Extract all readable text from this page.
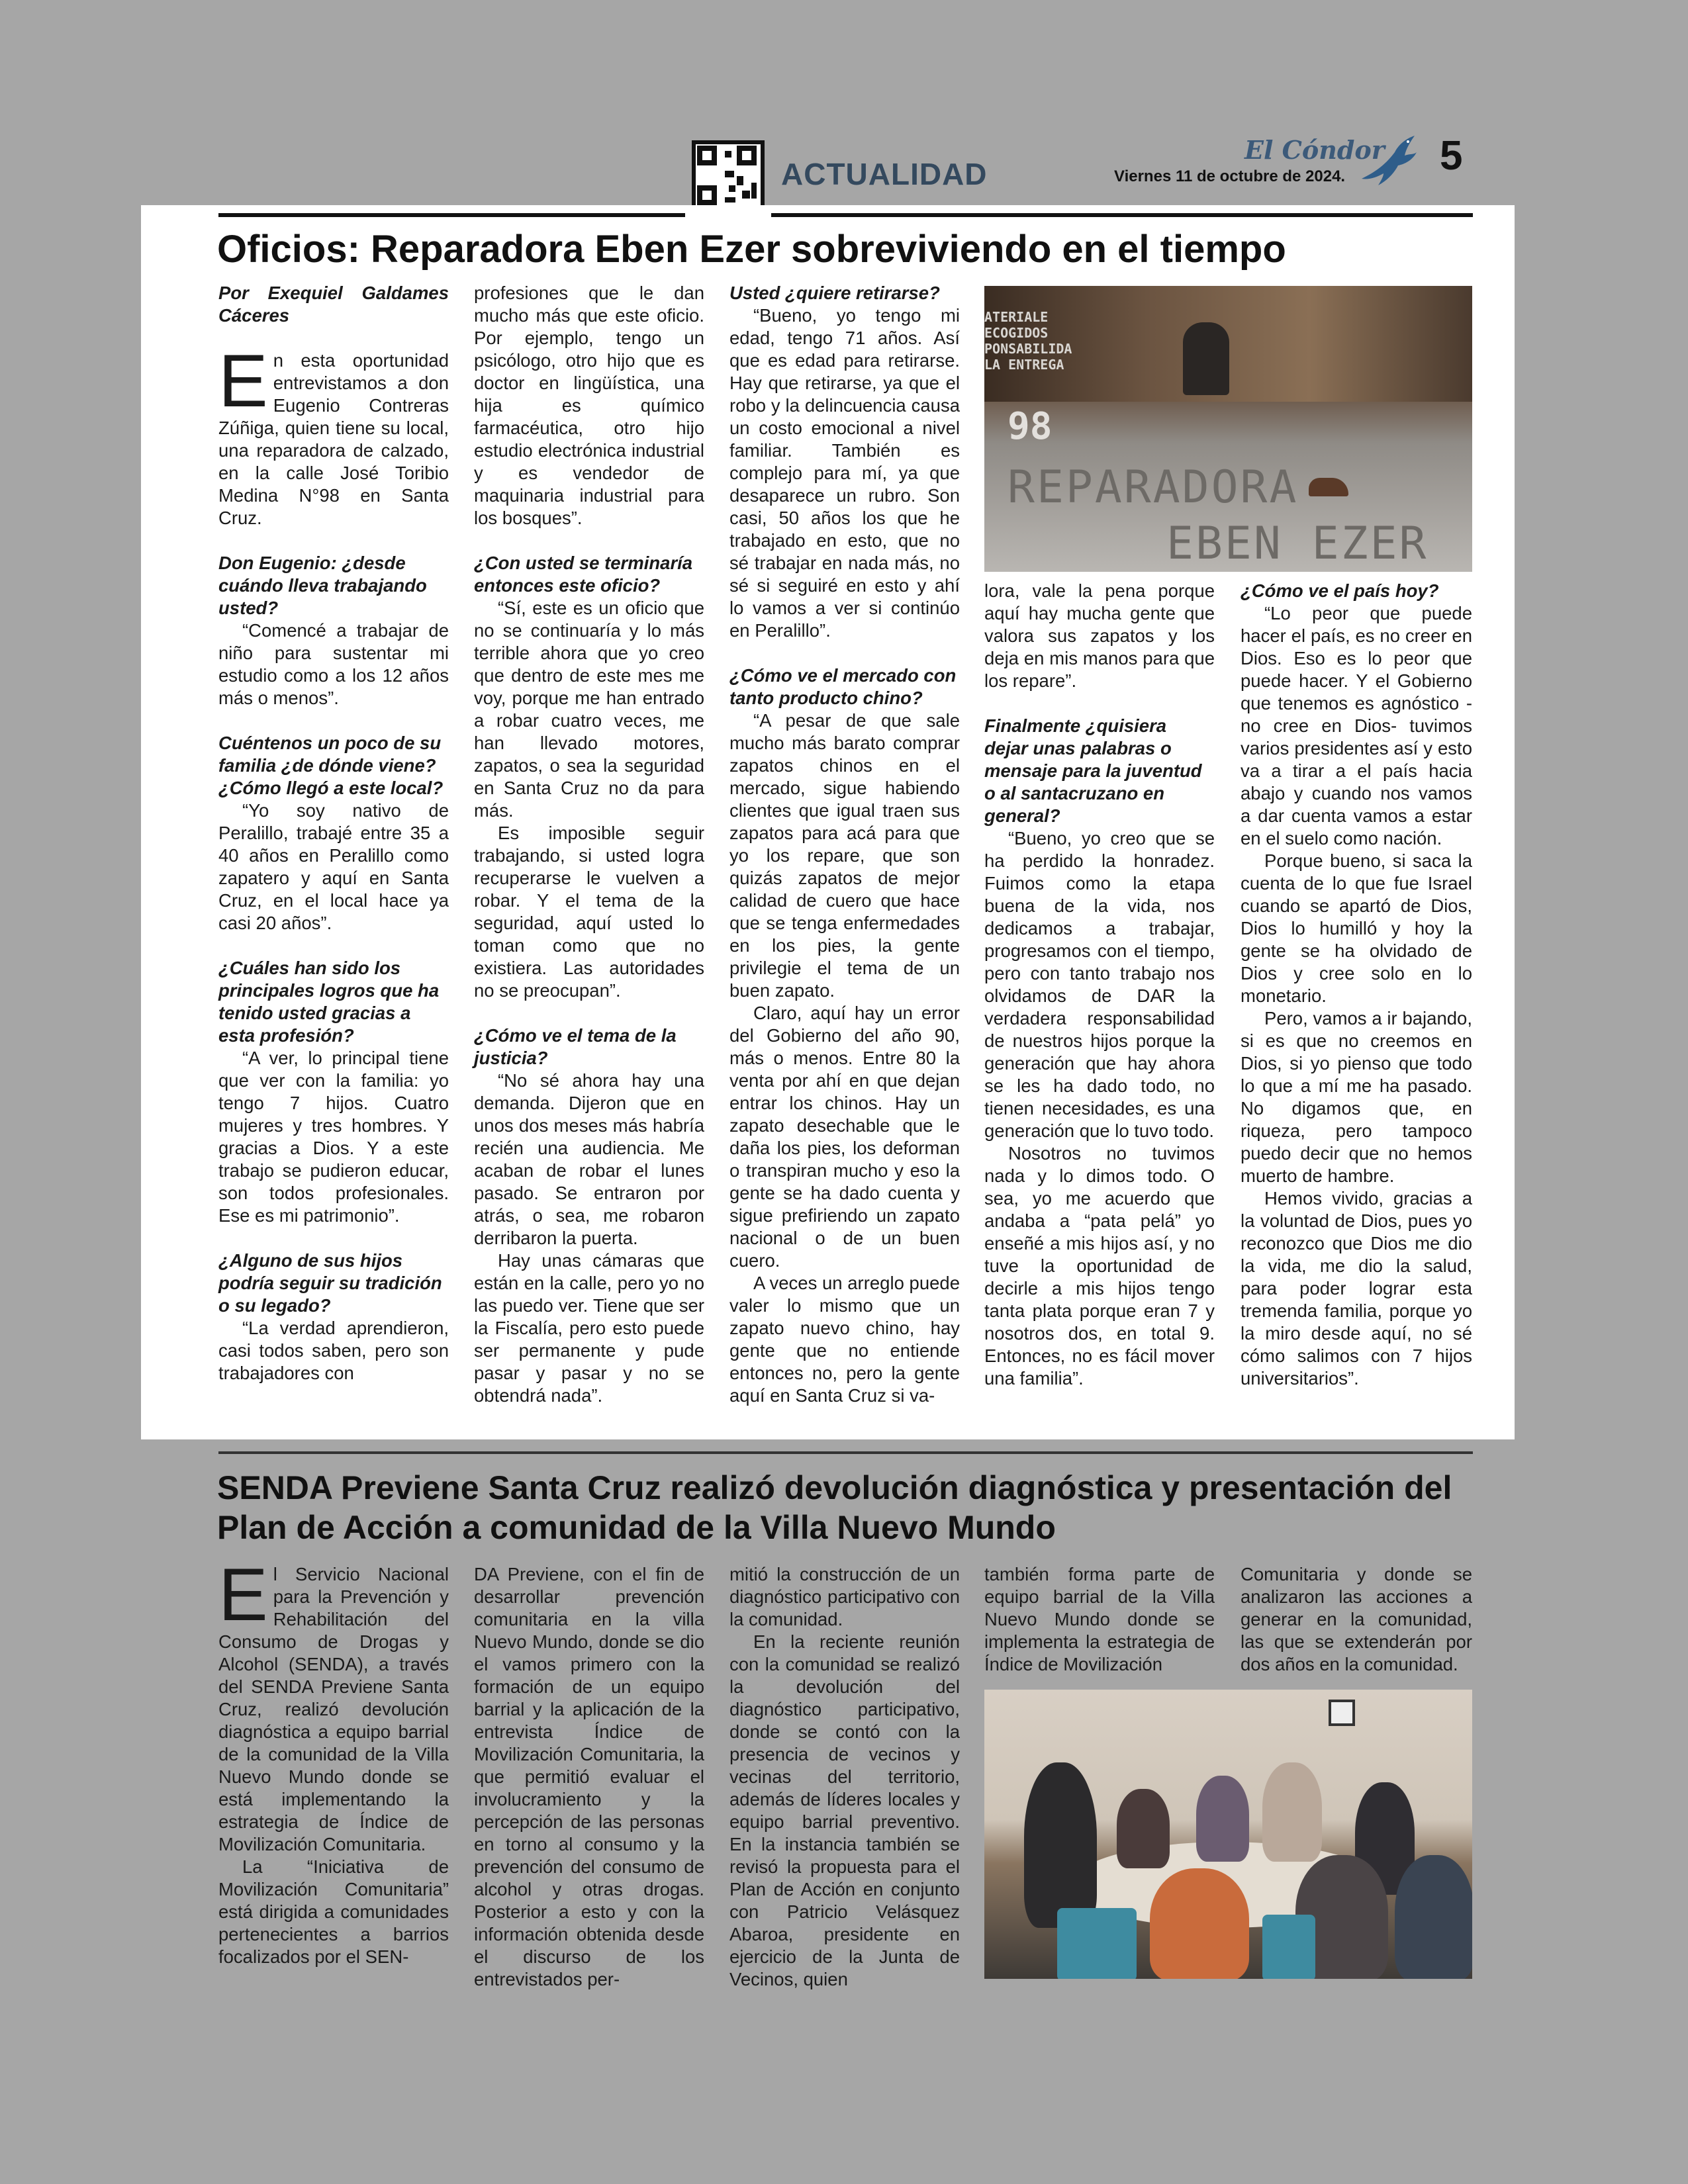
ACTUALIDAD
El Cóndor
Viernes 11 de octubre de 2024. 5
Oficios: Reparadora Eben Ezer sobreviviendo en el tiempo

Por Exequiel Galdames Cáceres

En esta oportunidad entrevistamos a don Eugenio Contreras Zúñiga, quien tiene su local, una reparadora de calzado, en la calle José Toribio Medina N°98 en Santa Cruz.

Don Eugenio: ¿desde cuándo lleva trabajando usted?

“Comencé a trabajar de niño para sustentar mi estudio como a los 12 años más o menos”.

Cuéntenos un poco de su familia ¿de dónde viene? ¿Cómo llegó a este local?

“Yo soy nativo de Peralillo, trabajé entre 35 a 40 años en Peralillo como zapatero y aquí en Santa Cruz, en el local hace ya casi 20 años”.

¿Cuáles han sido los principales logros que ha tenido usted gracias a esta profesión?

“A ver, lo principal tiene que ver con la familia: yo tengo 7 hijos. Cuatro mujeres y tres hombres. Y gracias a Dios. Y a este trabajo se pudieron educar, son todos profesionales. Ese es mi patrimonio”.

¿Alguno de sus hijos podría seguir su tradición o su legado?

“La verdad aprendieron, casi todos saben, pero son trabajadores con

profesiones que le dan mucho más que este oficio. Por ejemplo, tengo un psicólogo, otro hijo que es doctor en lingüística, una hija es químico farmacéutica, otro hijo estudio electrónica industrial y es vendedor de maquinaria industrial para los bosques”.

¿Con usted se terminaría entonces este oficio?

“Sí, este es un oficio que no se continuaría y lo más terrible ahora que yo creo que dentro de este mes me voy, porque me han entrado a robar cuatro veces, me han llevado motores, zapatos, o sea la seguridad en Santa Cruz no da para más.

Es imposible seguir trabajando, si usted logra recuperarse le vuelven a robar. Y el tema de la seguridad, aquí usted lo toman como que no existiera. Las autoridades no se preocupan”.

¿Cómo ve el tema de la justicia?

“No sé ahora hay una demanda. Dijeron que en unos dos meses más habría recién una audiencia. Me acaban de robar el lunes pasado. Se entraron por atrás, o sea, me robaron derribaron la puerta.

Hay unas cámaras que están en la calle, pero yo no las puedo ver. Tiene que ser la Fiscalía, pero esto puede ser permanente y pude pasar y pasar y no se obtendrá nada”.

Usted ¿quiere retirarse?

“Bueno, yo tengo mi edad, tengo 71 años. Así que es edad para retirarse. Hay que retirarse, ya que el robo y la delincuencia causa un costo emocional a nivel familiar. También es complejo para mí, ya que desaparece un rubro. Son casi, 50 años los que he trabajado en esto, que no sé trabajar en nada más, no sé si seguiré en esto y ahí lo vamos a ver si continúo en Peralillo”.

¿Cómo ve el mercado con tanto producto chino?

“A pesar de que sale mucho más barato comprar zapatos chinos en el mercado, sigue habiendo clientes que igual traen sus zapatos para acá para que yo los repare, que son quizás zapatos de mejor calidad de cuero que hace que se tenga enfermedades en los pies, la gente privilegie el tema de un buen zapato.

Claro, aquí hay un error del Gobierno del año 90, más o menos. Entre 80 la venta por ahí en que dejan entrar los chinos. Hay un zapato desechable que le daña los pies, los deforman o transpiran mucho y eso la gente se ha dado cuenta y sigue prefiriendo un zapato nacional o de un buen cuero.

A veces un arreglo puede valer lo mismo que un zapato nuevo chino, hay gente que no entiende entonces no, pero la gente aquí en Santa Cruz si va-

ATERIALE
ECOGIDOS
PONSABILIDA
LA ENTREGA
98
REPARADORA
EBEN EZER

lora, vale la pena porque aquí hay mucha gente que valora sus zapatos y los deja en mis manos para que los repare”.

Finalmente ¿quisiera dejar unas palabras o mensaje para la juventud o al santacruzano en general?

“Bueno, yo creo que se ha perdido la honradez. Fuimos como la etapa buena de la vida, nos dedicamos a trabajar, progresamos con el tiempo, pero con tanto trabajo nos olvidamos de DAR la verdadera responsabilidad de nuestros hijos porque la generación que hay ahora se les ha dado todo, no tienen necesidades, es una generación que lo tuvo todo.

Nosotros no tuvimos nada y lo dimos todo. O sea, yo me acuerdo que andaba a “pata pelá” yo enseñé a mis hijos así, y no tuve la oportunidad de decirle a mis hijos tengo tanta plata porque eran 7 y nosotros dos, en total 9. Entonces, no es fácil mover una familia”.

¿Cómo ve el país hoy?

“Lo peor que puede hacer el país, es no creer en Dios. Eso es lo peor que puede hacer. Y el Gobierno que tenemos es agnóstico -no cree en Dios- tuvimos varios presidentes así y esto va a tirar a el país hacia abajo y cuando nos vamos a dar cuenta vamos a estar en el suelo como nación.

Porque bueno, si saca la cuenta de lo que fue Israel cuando se apartó de Dios, Dios lo humilló y hoy la gente se ha olvidado de Dios y cree solo en lo monetario.

Pero, vamos a ir bajando, si es que no creemos en Dios, si yo pienso que todo lo que a mí me ha pasado. No digamos que, en riqueza, pero tampoco puedo decir que no hemos muerto de hambre.

Hemos vivido, gracias a la voluntad de Dios, pues yo reconozco que Dios me dio la vida, me dio la salud, para poder lograr esta tremenda familia, porque yo la miro desde aquí, no sé cómo salimos con 7 hijos universitarios”.

SENDA Previene Santa Cruz realizó devolución diagnóstica y presentación del Plan de Acción a comunidad de la Villa Nuevo Mundo

El Servicio Nacional para la Prevención y Rehabilitación del Consumo de Drogas y Alcohol (SENDA), a través del SENDA Previene Santa Cruz, realizó devolución diagnóstica a equipo barrial de la comunidad de la Villa Nuevo Mundo donde se está implementando la estrategia de Índice de Movilización Comunitaria.

La “Iniciativa de Movilización Comunitaria” está dirigida a comunidades pertenecientes a barrios focalizados por el SEN-

DA Previene, con el fin de desarrollar prevención comunitaria en la villa Nuevo Mundo, donde se dio el vamos primero con la formación de un equipo barrial y la aplicación de la entrevista Índice de Movilización Comunitaria, la que permitió evaluar el involucramiento y la percepción de las personas en torno al consumo y la prevención del consumo de alcohol y otras drogas. Posterior a esto y con la información obtenida desde el discurso de los entrevistados per-

mitió la construcción de un diagnóstico participativo con la comunidad.

En la reciente reunión con la comunidad se realizó la devolución del diagnóstico participativo, donde se contó con la presencia de vecinos y vecinas del territorio, además de líderes locales y equipo barrial preventivo. En la instancia también se revisó la propuesta para el Plan de Acción en conjunto con Patricio Velásquez Abaroa, presidente en ejercicio de la Junta de Vecinos, quien

también forma parte de equipo barrial de la Villa Nuevo Mundo donde se implementa la estrategia de Índice de Movilización

Comunitaria y donde se analizaron las acciones a generar en la comunidad, las que se extenderán por dos años en la comunidad.
